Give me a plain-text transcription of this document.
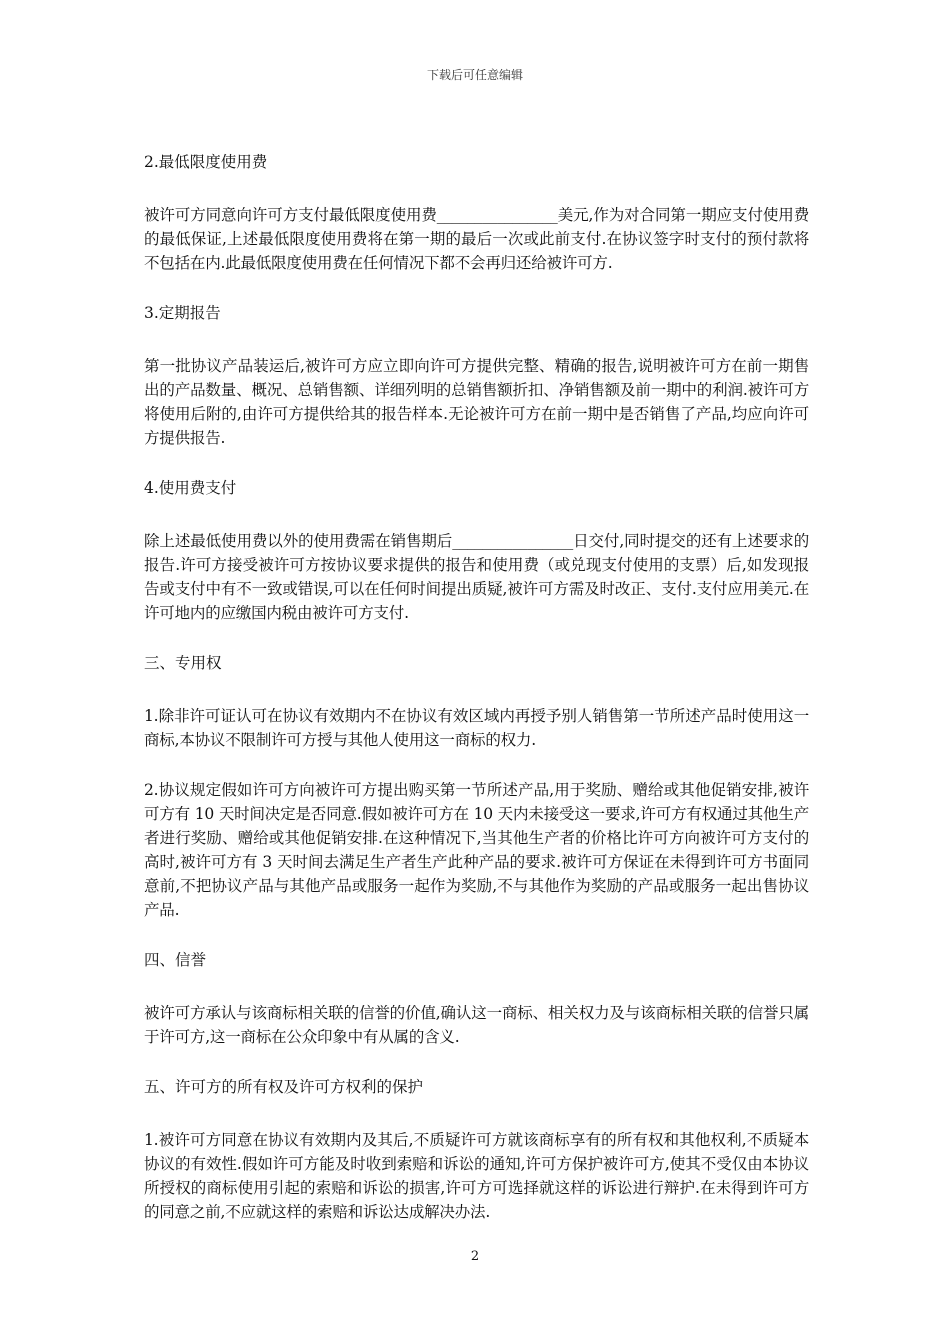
下载后可任意编辑
2.最低限度使用费
被许可方同意向许可方支付最低限度使用费________________美元,作为对合同第一期应支付使用费的最低保证,上述最低限度使用费将在第一期的最后一次或此前支付.在协议签字时支付的预付款将不包括在内.此最低限度使用费在任何情况下都不会再归还给被许可方.
3.定期报告
第一批协议产品装运后,被许可方应立即向许可方提供完整、精确的报告,说明被许可方在前一期售出的产品数量、概况、总销售额、详细列明的总销售额折扣、净销售额及前一期中的利润.被许可方将使用后附的,由许可方提供给其的报告样本.无论被许可方在前一期中是否销售了产品,均应向许可方提供报告.
4.使用费支付
除上述最低使用费以外的使用费需在销售期后________________日交付,同时提交的还有上述要求的报告.许可方接受被许可方按协议要求提供的报告和使用费（或兑现支付使用的支票）后,如发现报告或支付中有不一致或错误,可以在任何时间提出质疑,被许可方需及时改正、支付.支付应用美元.在许可地内的应缴国内税由被许可方支付.
三、专用权
1.除非许可证认可在协议有效期内不在协议有效区域内再授予别人销售第一节所述产品时使用这一商标,本协议不限制许可方授与其他人使用这一商标的权力.
2.协议规定假如许可方向被许可方提出购买第一节所述产品,用于奖励、赠给或其他促销安排,被许可方有 10 天时间决定是否同意.假如被许可方在 10 天内未接受这一要求,许可方有权通过其他生产者进行奖励、赠给或其他促销安排.在这种情况下,当其他生产者的价格比许可方向被许可方支付的高时,被许可方有 3 天时间去满足生产者生产此种产品的要求.被许可方保证在未得到许可方书面同意前,不把协议产品与其他产品或服务一起作为奖励,不与其他作为奖励的产品或服务一起出售协议产品.
四、信誉
被许可方承认与该商标相关联的信誉的价值,确认这一商标、相关权力及与该商标相关联的信誉只属于许可方,这一商标在公众印象中有从属的含义.
五、许可方的所有权及许可方权利的保护
1.被许可方同意在协议有效期内及其后,不质疑许可方就该商标享有的所有权和其他权利,不质疑本协议的有效性.假如许可方能及时收到索赔和诉讼的通知,许可方保护被许可方,使其不受仅由本协议所授权的商标使用引起的索赔和诉讼的损害,许可方可选择就这样的诉讼进行辩护.在未得到许可方的同意之前,不应就这样的索赔和诉讼达成解决办法.
2
